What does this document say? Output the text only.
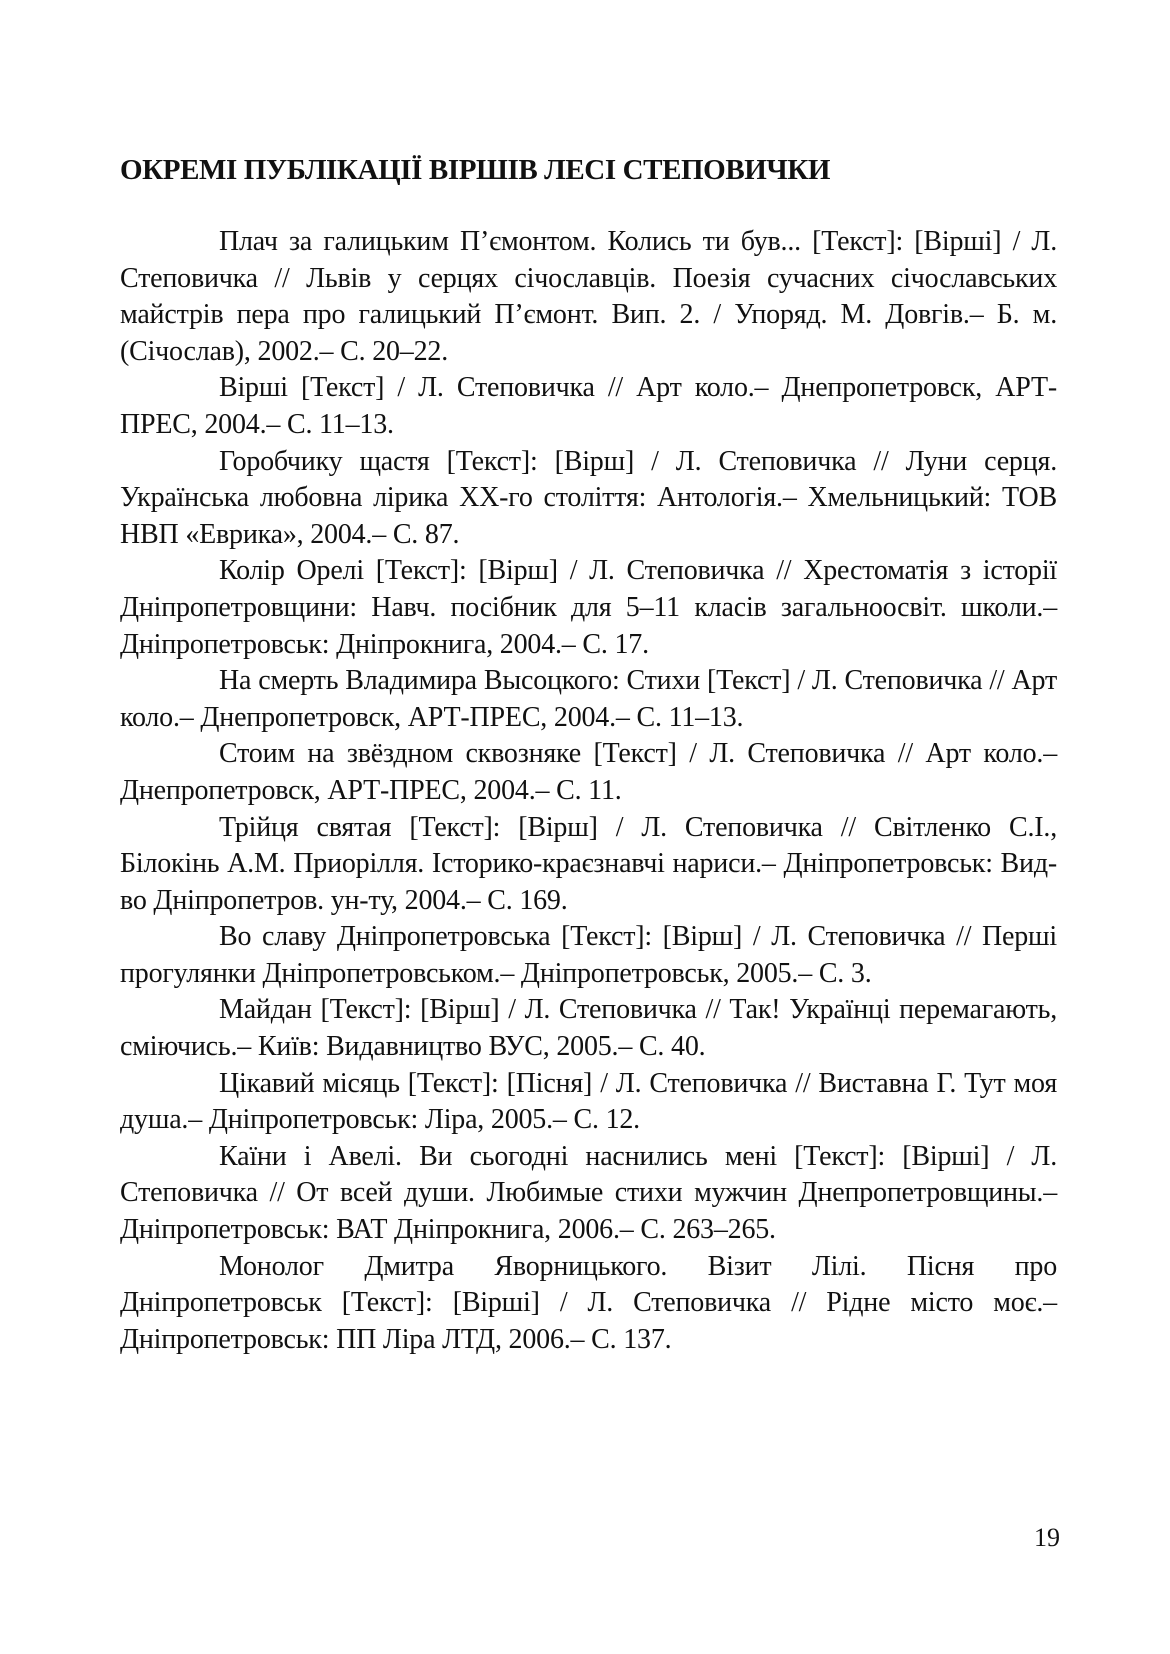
ОКРЕМІ ПУБЛІКАЦІЇ ВІРШІВ ЛЕСІ СТЕПОВИЧКИ
Плач за галицьким П’ємонтом. Колись ти був... [Текст]: [Вірші] / Л. Степовичка // Львів у серцях січославців. Поезія сучасних січославських майстрів пера про галицький П’ємонт. Вип. 2. / Упоряд. М. Довгів.– Б. м. (Січослав), 2002.– С. 20–22.
Вірші [Текст] / Л. Степовичка // Арт коло.– Днепропетровск, АРТ-ПРЕС, 2004.– С. 11–13.
Горобчику щастя [Текст]: [Вірш] / Л. Степовичка // Луни серця. Українська любовна лірика ХХ-го століття: Антологія.– Хмельницький: ТОВ НВП «Еврика», 2004.– С. 87.
Колір Орелі [Текст]: [Вірш] / Л. Степовичка // Хрестоматія з історії Дніпропетровщини: Навч. посібник для 5–11 класів загальноосвіт. школи.– Дніпропетровськ: Дніпрокнига, 2004.– С. 17.
На смерть Владимира Высоцкого: Стихи [Текст] / Л. Степовичка // Арт коло.– Днепропетровск, АРТ-ПРЕС, 2004.– С. 11–13.
Стоим на звёздном сквозняке [Текст] / Л. Степовичка // Арт коло.– Днепропетровск, АРТ-ПРЕС, 2004.– С. 11.
Трійця святая [Текст]: [Вірш] / Л. Степовичка // Світленко С.І., Білокінь А.М. Приорілля. Історико-краєзнавчі нариси.– Дніпропетровськ: Вид-во Дніпропетров. ун-ту, 2004.– С. 169.
Во славу Дніпропетровська [Текст]: [Вірш] / Л. Степовичка // Перші прогулянки Дніпропетровськом.– Дніпропетровськ, 2005.– С. 3.
Майдан [Текст]: [Вірш] / Л. Степовичка // Так! Українці перемагають, сміючись.– Київ: Видавництво ВУС, 2005.– С. 40.
Цікавий місяць [Текст]: [Пісня] / Л. Степовичка // Виставна Г. Тут моя душа.– Дніпропетровськ: Ліра, 2005.– С. 12.
Каїни і Авелі. Ви сьогодні наснились мені [Текст]: [Вірші] / Л. Степовичка // От всей души. Любимые стихи мужчин Днепропетровщины.– Дніпропетровськ: ВАТ Дніпрокнига, 2006.– С. 263–265.
Монолог Дмитра Яворницького. Візит Лілі. Пісня про Дніпропетровськ [Текст]: [Вірші] / Л. Степовичка // Рідне місто моє.– Дніпропетровськ: ПП Ліра ЛТД, 2006.– С. 137.
19
